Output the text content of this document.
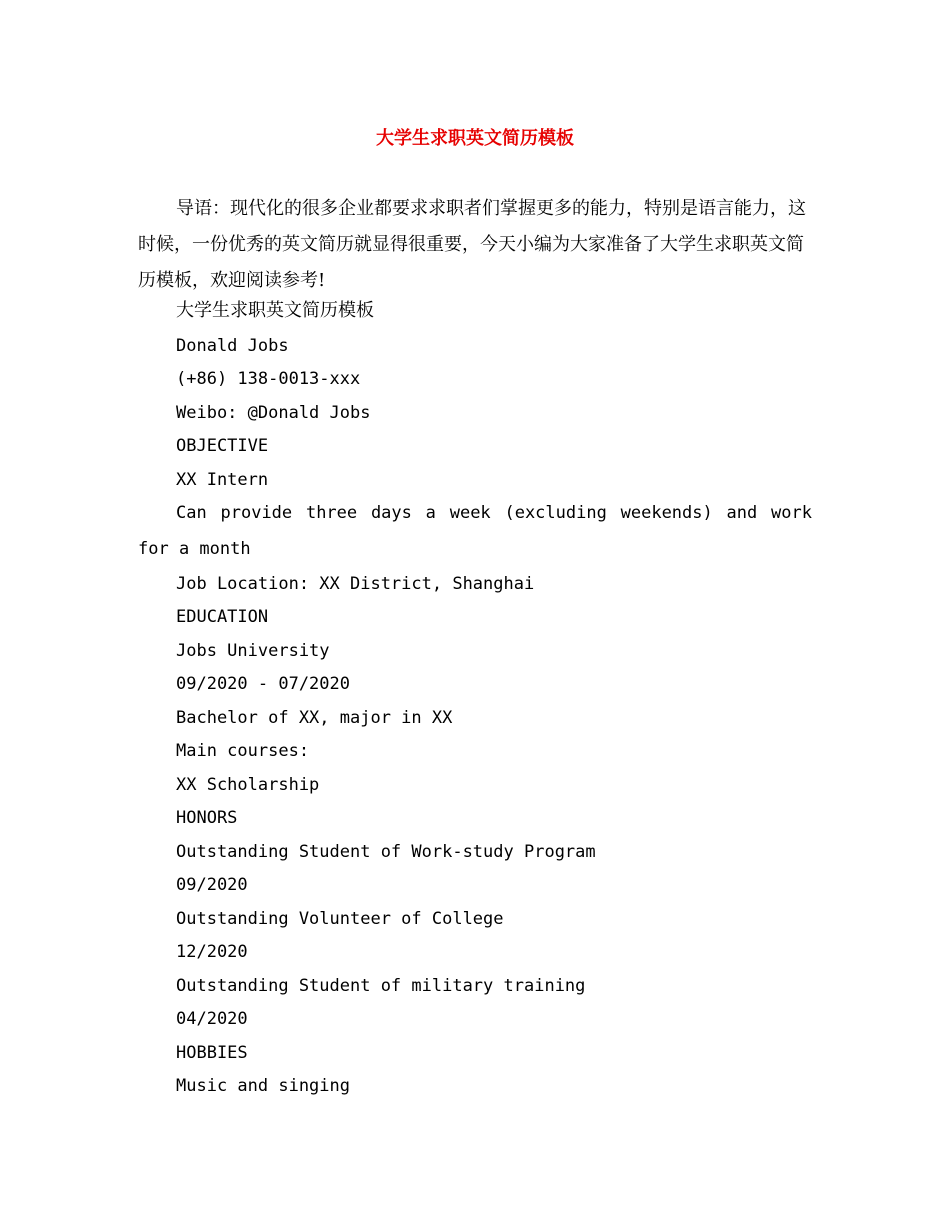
大学生求职英文简历模板
导语：现代化的很多企业都要求求职者们掌握更多的能力，特别是语言能力，这时候，一份优秀的英文简历就显得很重要，今天小编为大家准备了大学生求职英文简历模板，欢迎阅读参考!
大学生求职英文简历模板
Donald Jobs
(+86) 138-0013-xxx
Weibo: @Donald Jobs
OBJECTIVE
XX Intern
Can provide three days a week (excluding weekends) and work for a month
Job Location: XX District, Shanghai
EDUCATION
Jobs University
09/2020 - 07/2020
Bachelor of XX, major in XX
Main courses:
XX Scholarship
HONORS
Outstanding Student of Work-study Program
09/2020
Outstanding Volunteer of College
12/2020
Outstanding Student of military training
04/2020
HOBBIES
Music and singing
